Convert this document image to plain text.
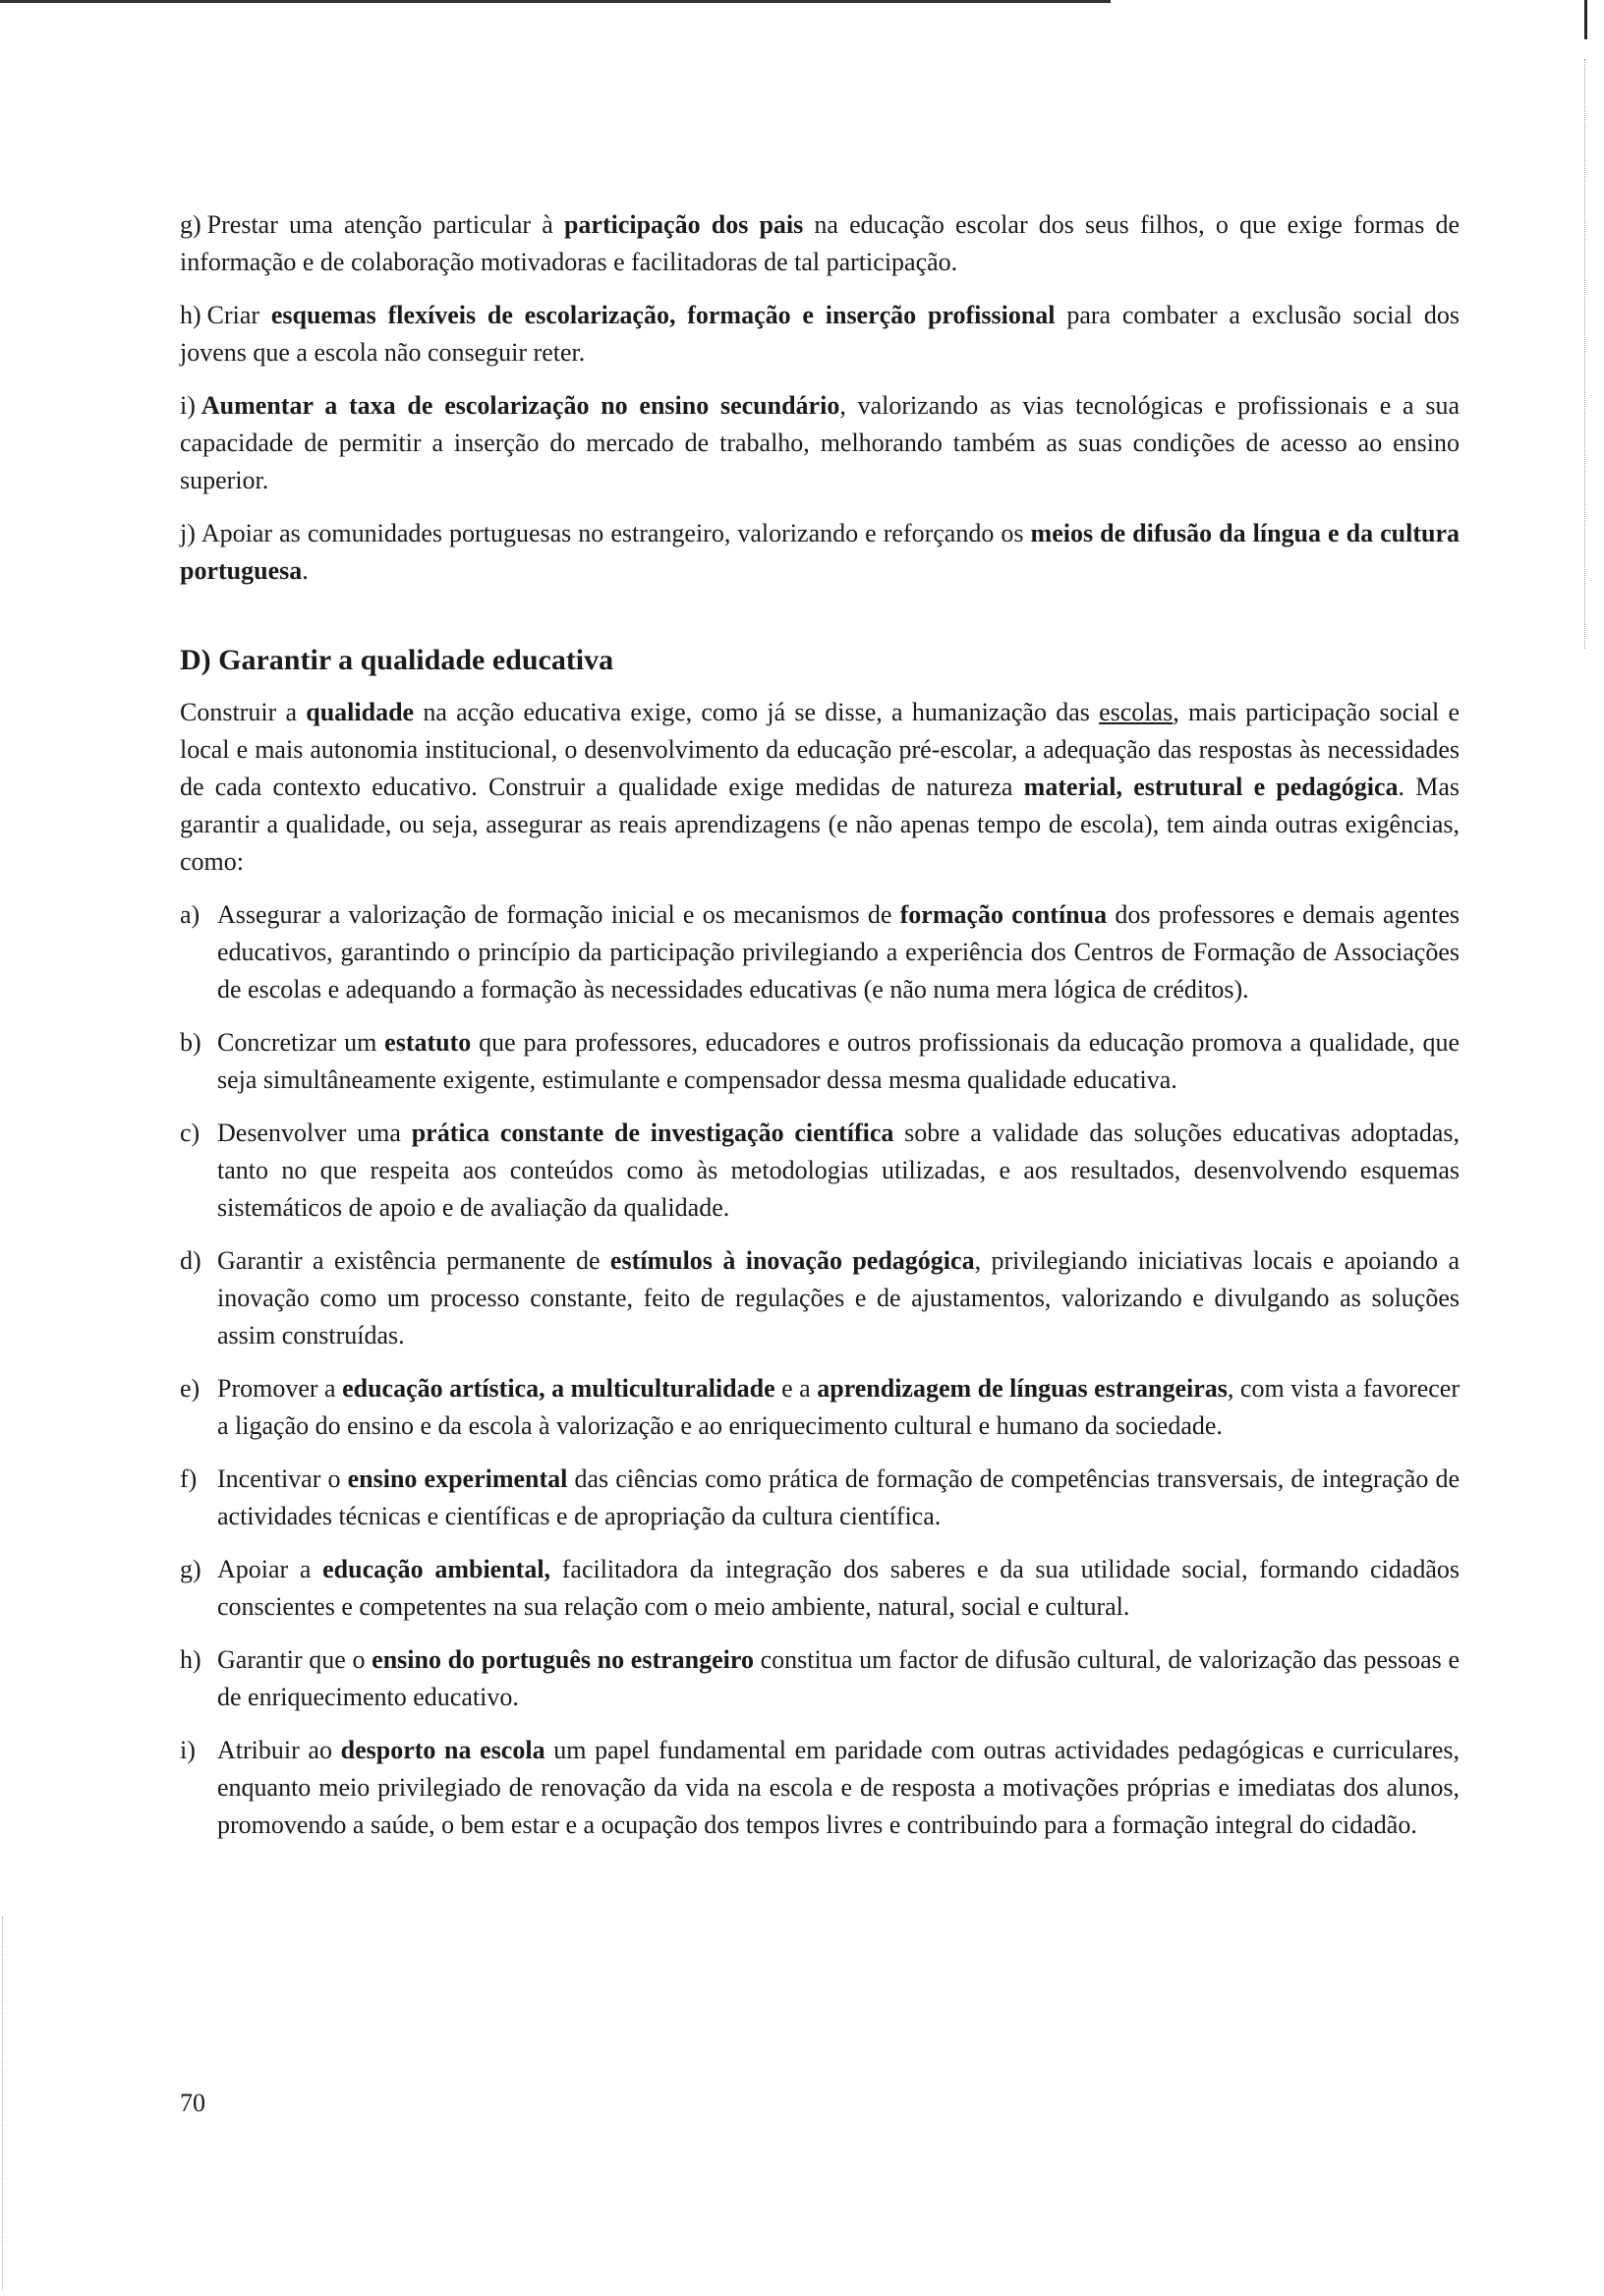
g) Prestar uma atenção particular à participação dos pais na educação escolar dos seus filhos, o que exige formas de informação e de colaboração motivadoras e facilitadoras de tal participação.

h) Criar esquemas flexíveis de escolarização, formação e inserção profissional para combater a exclusão social dos jovens que a escola não conseguir reter.

i) Aumentar a taxa de escolarização no ensino secundário, valorizando as vias tecnológicas e profissionais e a sua capacidade de permitir a inserção do mercado de trabalho, melhorando também as suas condições de acesso ao ensino superior.

j) Apoiar as comunidades portuguesas no estrangeiro, valorizando e reforçando os meios de difusão da língua e da cultura portuguesa.

D) Garantir a qualidade educativa

Construir a qualidade na acção educativa exige, como já se disse, a humanização das escolas, mais participação social e local e mais autonomia institucional, o desenvolvimento da educação pré-escolar, a adequação das respostas às necessidades de cada contexto educativo. Construir a qualidade exige medidas de natureza material, estrutural e pedagógica. Mas garantir a qualidade, ou seja, assegurar as reais aprendizagens (e não apenas tempo de escola), tem ainda outras exigências, como:

a) Assegurar a valorização de formação inicial e os mecanismos de formação contínua dos professores e demais agentes educativos, garantindo o princípio da participação privilegiando a experiência dos Centros de Formação de Associações de escolas e adequando a formação às necessidades educativas (e não numa mera lógica de créditos).
b) Concretizar um estatuto que para professores, educadores e outros profissionais da educação promova a qualidade, que seja simultâneamente exigente, estimulante e compensador dessa mesma qualidade educativa.
c) Desenvolver uma prática constante de investigação científica sobre a validade das soluções educativas adoptadas, tanto no que respeita aos conteúdos como às metodologias utilizadas, e aos resultados, desenvolvendo esquemas sistemáticos de apoio e de avaliação da qualidade.
d) Garantir a existência permanente de estímulos à inovação pedagógica, privilegiando iniciativas locais e apoiando a inovação como um processo constante, feito de regulações e de ajustamentos, valorizando e divulgando as soluções assim construídas.
e) Promover a educação artística, a multiculturalidade e a aprendizagem de línguas estrangeiras, com vista a favorecer a ligação do ensino e da escola à valorização e ao enriquecimento cultural e humano da sociedade.
f) Incentivar o ensino experimental das ciências como prática de formação de competências transversais, de integração de actividades técnicas e científicas e de apropriação da cultura científica.
g) Apoiar a educação ambiental, facilitadora da integração dos saberes e da sua utilidade social, formando cidadãos conscientes e competentes na sua relação com o meio ambiente, natural, social e cultural.
h) Garantir que o ensino do português no estrangeiro constitua um factor de difusão cultural, de valorização das pessoas e de enriquecimento educativo.
i) Atribuir ao desporto na escola um papel fundamental em paridade com outras actividades pedagógicas e curriculares, enquanto meio privilegiado de renovação da vida na escola e de resposta a motivações próprias e imediatas dos alunos, promovendo a saúde, o bem estar e a ocupação dos tempos livres e contribuindo para a formação integral do cidadão.
70
